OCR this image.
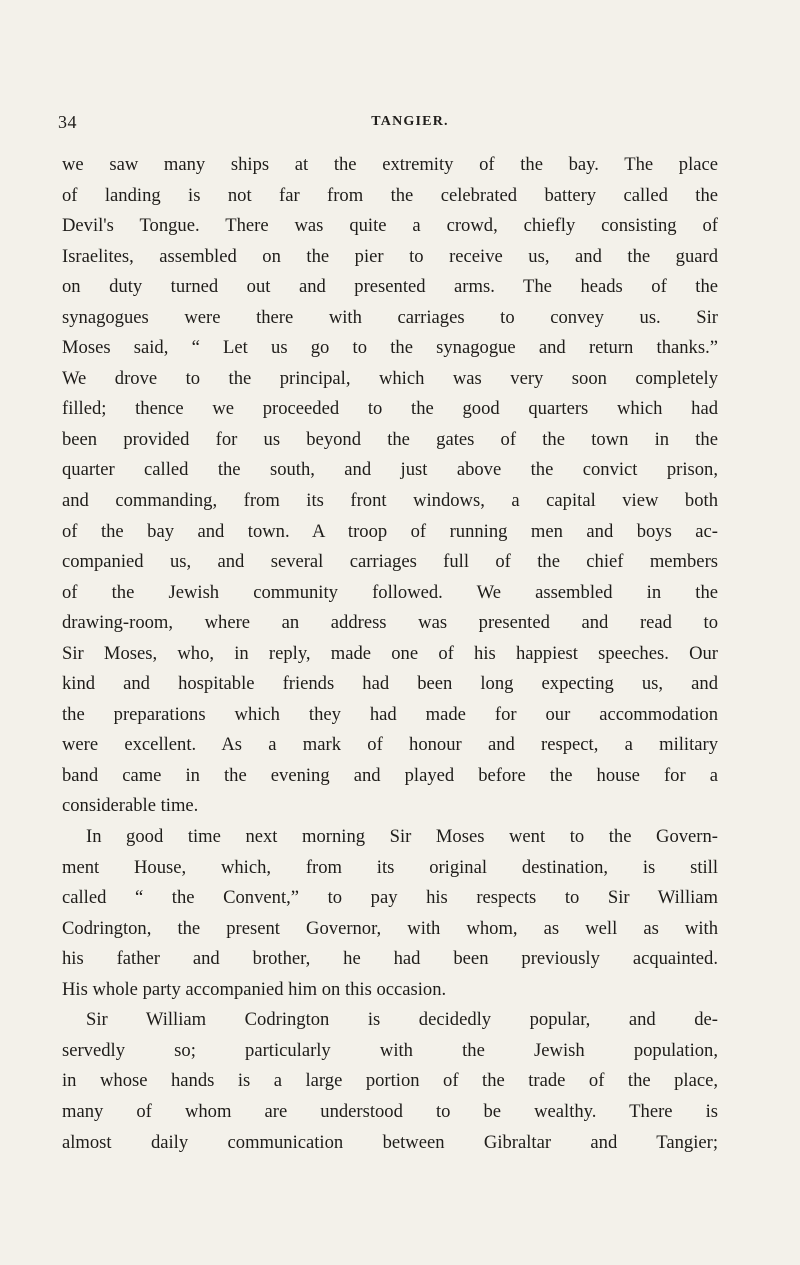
34	TANGIER.
we saw many ships at the extremity of the bay. The place
of landing is not far from the celebrated battery called the
Devil's Tongue. There was quite a crowd, chiefly consisting of
Israelites, assembled on the pier to receive us, and the guard
on duty turned out and presented arms. The heads of the
synagogues were there with carriages to convey us. Sir
Moses said, “ Let us go to the synagogue and return thanks.”
We drove to the principal, which was very soon completely
filled; thence we proceeded to the good quarters which had
been provided for us beyond the gates of the town in the
quarter called the south, and just above the convict prison,
and commanding, from its front windows, a capital view both
of the bay and town. A troop of running men and boys ac-
companied us, and several carriages full of the chief members
of the Jewish community followed. We assembled in the
drawing-room, where an address was presented and read to
Sir Moses, who, in reply, made one of his happiest speeches. Our
kind and hospitable friends had been long expecting us, and
the preparations which they had made for our accommodation
were excellent. As a mark of honour and respect, a military
band came in the evening and played before the house for a
considerable time.
In good time next morning Sir Moses went to the Govern-
ment House, which, from its original destination, is still
called “ the Convent,” to pay his respects to Sir William
Codrington, the present Governor, with whom, as well as with
his father and brother, he had been previously acquainted.
His whole party accompanied him on this occasion.
Sir William Codrington is decidedly popular, and de-
servedly so; particularly with the Jewish population,
in whose hands is a large portion of the trade of the place,
many of whom are understood to be wealthy. There is
almost daily communication between Gibraltar and Tangier;
